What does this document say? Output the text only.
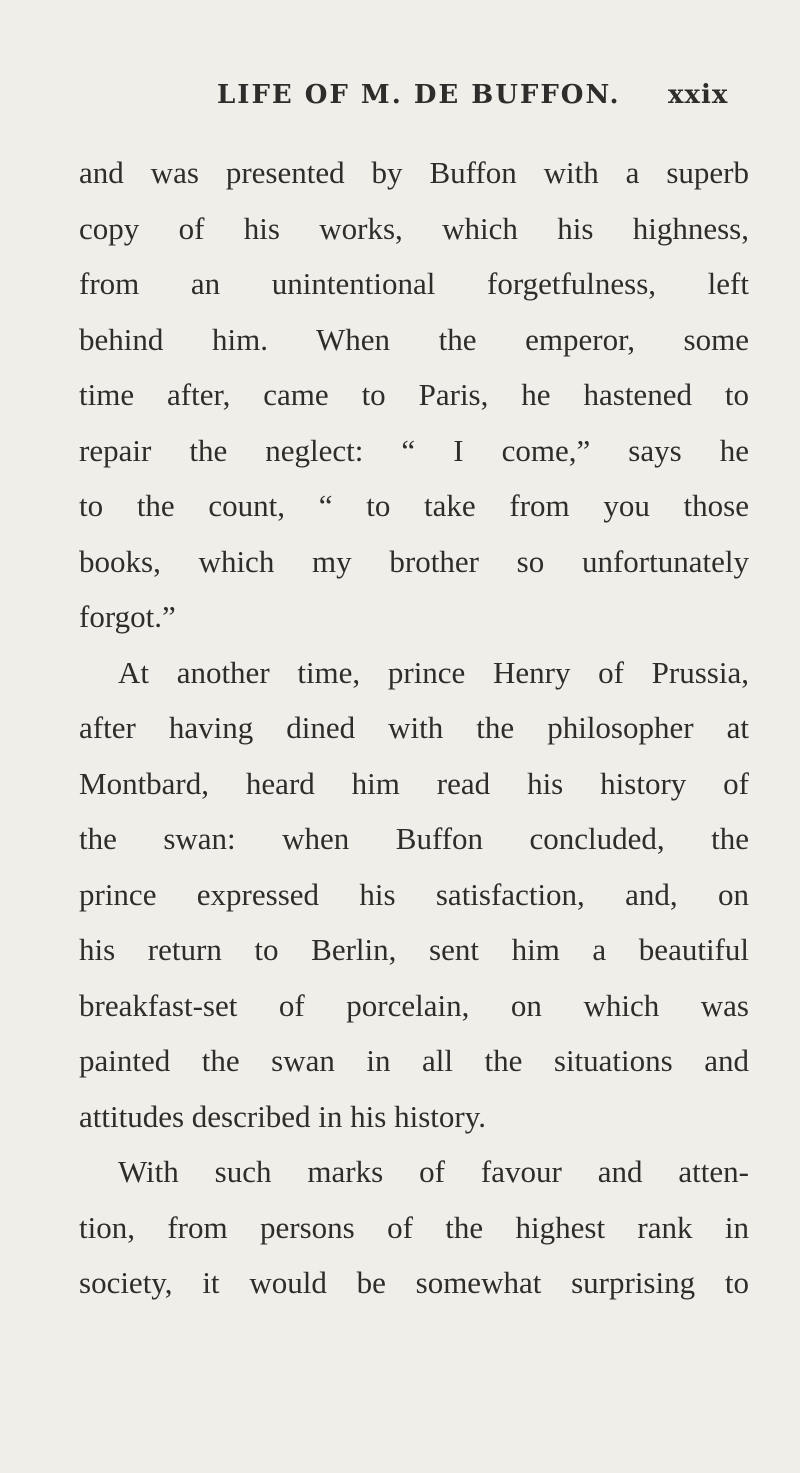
LIFE OF M. DE BUFFON. xxix
and was presented by Buffon with a superb
copy of his works, which his highness,
from an unintentional forgetfulness, left
behind him. When the emperor, some
time after, came to Paris, he hastened to
repair the neglect: “ I come,” says he
to the count, “ to take from you those
books, which my brother so unfortunately
forgot.”
At another time, prince Henry of Prussia,
after having dined with the philosopher at
Montbard, heard him read his history of
the swan: when Buffon concluded, the
prince expressed his satisfaction, and, on
his return to Berlin, sent him a beautiful
breakfast-set of porcelain, on which was
painted the swan in all the situations and
attitudes described in his history.
With such marks of favour and atten-
tion, from persons of the highest rank in
society, it would be somewhat surprising to
